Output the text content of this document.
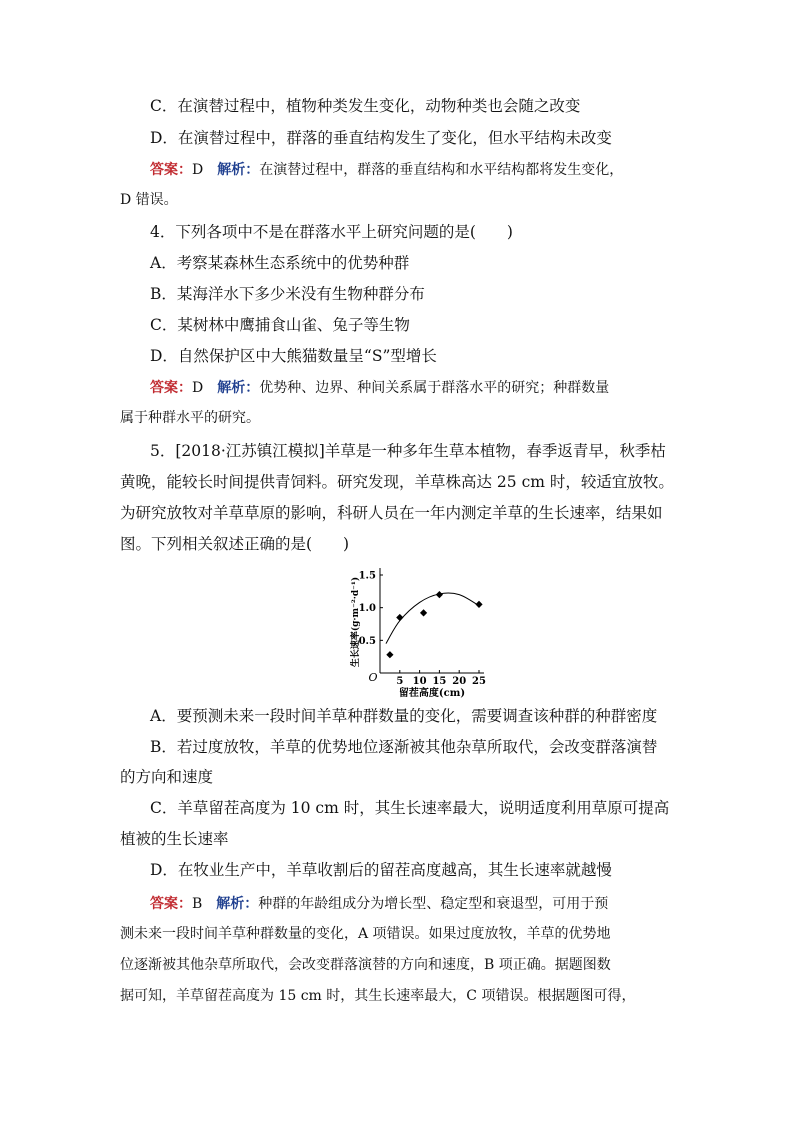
C．在演替过程中，植物种类发生变化，动物种类也会随之改变
D．在演替过程中，群落的垂直结构发生了变化，但水平结构未改变
答案：D　 解析：在演替过程中，群落的垂直结构和水平结构都将发生变化，
D 错误。
4．下列各项中不是在群落水平上研究问题的是(　　)
A．考察某森林生态系统中的优势种群
B．某海洋水下多少米没有生物种群分布
C．某树林中鹰捕食山雀、兔子等生物
D．自然保护区中大熊猫数量呈“S”型增长
答案：D　 解析：优势种、边界、种间关系属于群落水平的研究；种群数量
属于种群水平的研究。
5．[2018·江苏镇江模拟]羊草是一种多年生草本植物，春季返青早，秋季枯
黄晚，能较长时间提供青饲料。研究发现，羊草株高达 25 cm 时，较适宜放牧。
为研究放牧对羊草草原的影响，科研人员在一年内测定羊草的生长速率，结果如
图。下列相关叙述正确的是(　　)
0.5
1.0
1.5
5 10 15 20 25
O
留茬高度(cm)
生长速率(g·m⁻²·d⁻¹)
A．要预测未来一段时间羊草种群数量的变化，需要调查该种群的种群密度
B．若过度放牧，羊草的优势地位逐渐被其他杂草所取代，会改变群落演替
的方向和速度
C．羊草留茬高度为 10 cm 时，其生长速率最大，说明适度利用草原可提高
植被的生长速率
D．在牧业生产中，羊草收割后的留茬高度越高，其生长速率就越慢
答案：B　 解析：种群的年龄组成分为增长型、稳定型和衰退型，可用于预
测未来一段时间羊草种群数量的变化，A 项错误。如果过度放牧，羊草的优势地
位逐渐被其他杂草所取代，会改变群落演替的方向和速度，B 项正确。据题图数
据可知，羊草留茬高度为 15 cm 时，其生长速率最大，C 项错误。根据题图可得，
